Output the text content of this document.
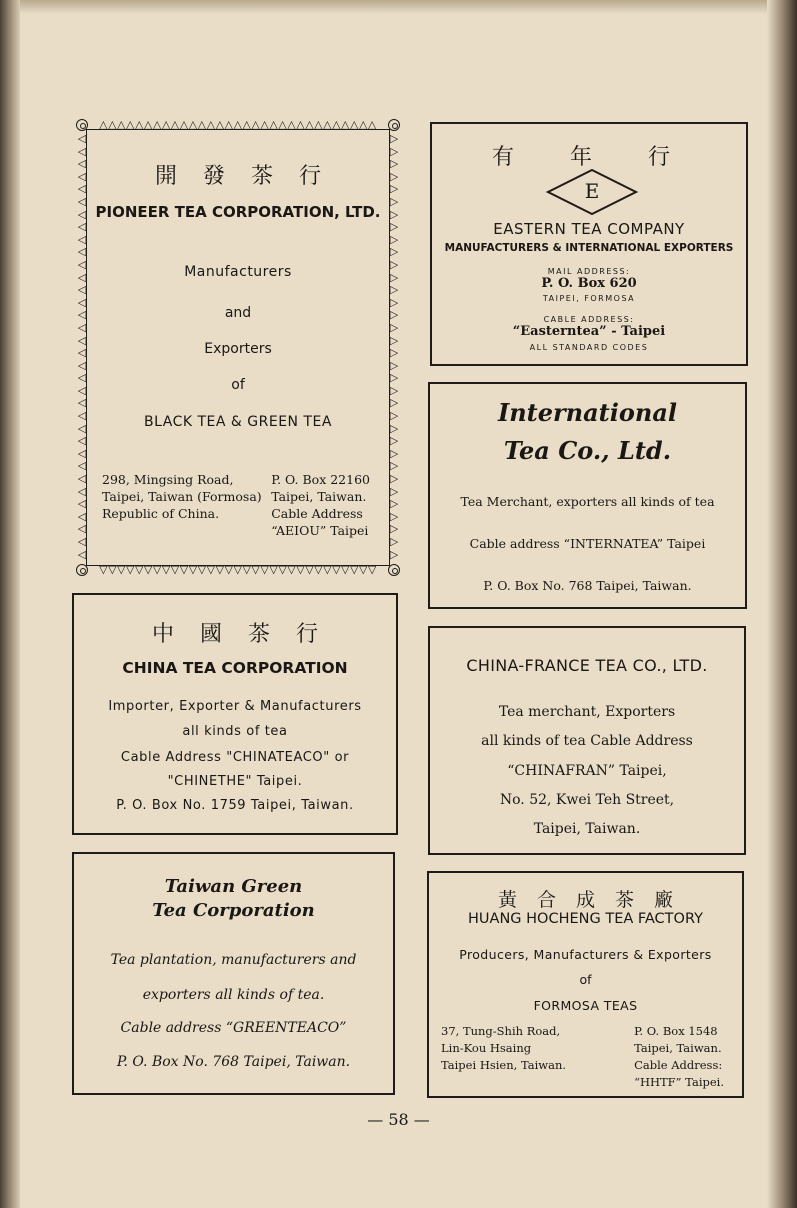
△△△△△△△△△△△△△△△△△△△△△△△△△△△△△△△
▽▽▽▽▽▽▽▽▽▽▽▽▽▽▽▽▽▽▽▽▽▽▽▽▽▽▽▽▽▽▽
◁
◁
◁
◁
◁
◁
◁
◁
◁
◁
◁
◁
◁
◁
◁
◁
◁
◁
◁
◁
◁
◁
◁
◁
◁
◁
◁
◁
◁
◁
◁
◁
◁
◁
▷
▷
▷
▷
▷
▷
▷
▷
▷
▷
▷
▷
▷
▷
▷
▷
▷
▷
▷
▷
▷
▷
▷
▷
▷
▷
▷
▷
▷
▷
▷
▷
▷
▷
開發茶行
PIONEER TEA CORPORATION, LTD.
Manufacturers
and
Exporters
of
BLACK TEA & GREEN TEA
298, Mingsing Road,
Taipei, Taiwan (Formosa)
Republic of China.
P. O. Box 22160
Taipei, Taiwan.
Cable Address
“AEIOU” Taipei
有年行
E
EASTERN TEA COMPANY
MANUFACTURERS & INTERNATIONAL EXPORTERS
MAIL ADDRESS:
P. O. Box 620
TAIPEI, FORMOSA
CABLE ADDRESS:
“Easterntea” - Taipei
ALL STANDARD CODES
International
Tea Co., Ltd.
Tea Merchant, exporters all kinds of tea
Cable address “INTERNATEA” Taipei
P. O. Box No. 768 Taipei, Taiwan.
中國茶行
CHINA TEA CORPORATION
Importer, Exporter & Manufacturers
all kinds of tea
Cable Address "CHINATEACO" or
"CHINETHE" Taipei.
P. O. Box No. 1759 Taipei, Taiwan.
CHINA-FRANCE TEA CO., LTD.
Tea merchant, Exporters
all kinds of tea Cable Address
“CHINAFRAN” Taipei,
No. 52, Kwei Teh Street,
Taipei, Taiwan.
Taiwan Green
Tea Corporation
Tea plantation, manufacturers and
exporters all kinds of tea.
Cable address “GREENTEACO”
P. O. Box No. 768 Taipei, Taiwan.
黃合成茶廠
HUANG HOCHENG TEA FACTORY
Producers, Manufacturers & Exporters
of
FORMOSA TEAS
37, Tung-Shih Road,
Lin-Kou Hsaing
Taipei Hsien, Taiwan.
P. O. Box 1548
Taipei, Taiwan.
Cable Address:
“HHTF” Taipei.
— 58 —
